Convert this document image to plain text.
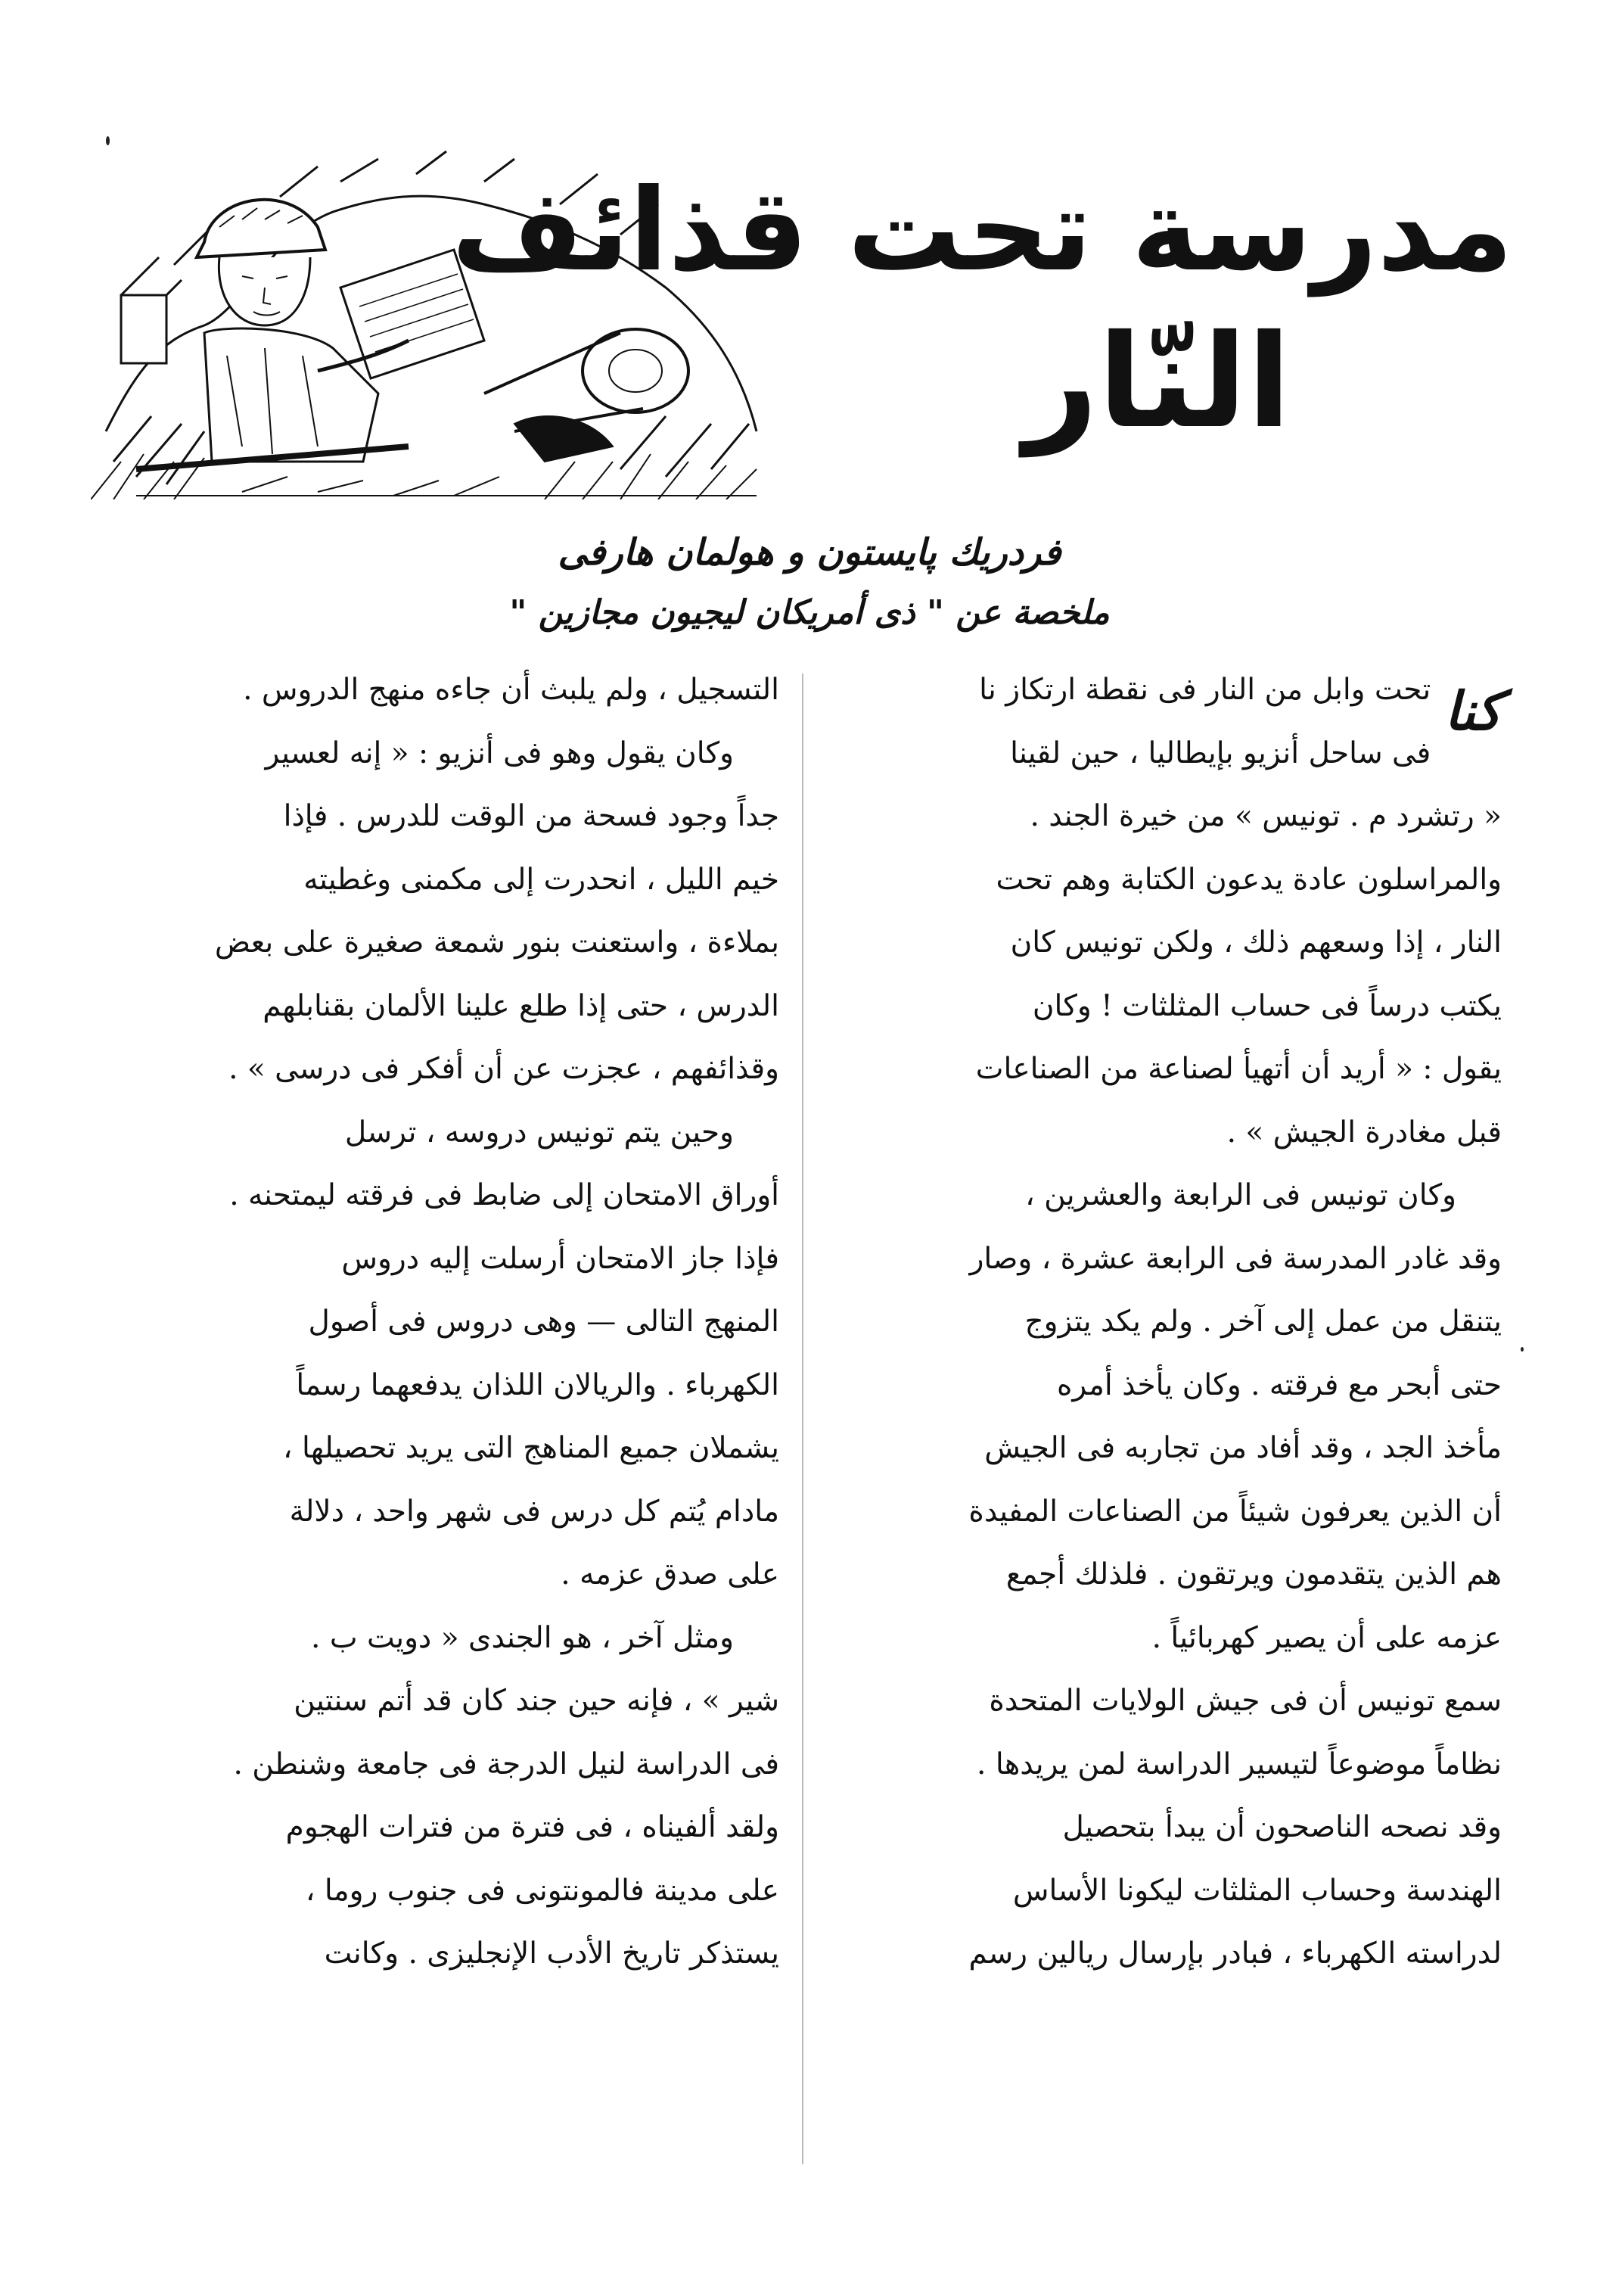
مدرسة تحت قذائف

النّار

فردريك پايستون و هولمان هارفى

ملخصة عن " ذى أمريكان ليجيون مجازين "

كنا

تحت وابل من النار فى نقطة ارتكاز نا

فى ساحل أنزيو بإيطاليا ، حين لقينا

« رتشرد م . تونيس » من خيرة الجند .

والمراسلون عادة يدعون الكتابة وهم تحت

النار ، إذا وسعهم ذلك ، ولكن تونيس كان

يكتب درساً فى حساب المثلثات ! وكان

يقول : « أريد أن أتهيأ لصناعة من الصناعات

قبل مغادرة الجيش » .

وكان تونيس فى الرابعة والعشرين ،

وقد غادر المدرسة فى الرابعة عشرة ، وصار

يتنقل من عمل إلى آخر . ولم يكد يتزوج

حتى أبحر مع فرقته . وكان يأخذ أمره

مأخذ الجد ، وقد أفاد من تجاربه فى الجيش

أن الذين يعرفون شيئاً من الصناعات المفيدة

هم الذين يتقدمون ويرتقون . فلذلك أجمع

عزمه على أن يصير كهربائياً .

سمع تونيس أن فى جيش الولايات المتحدة

نظاماً موضوعاً لتيسير الدراسة لمن يريدها .

وقد نصحه الناصحون أن يبدأ بتحصيل

الهندسة وحساب المثلثات ليكونا الأساس

لدراسته الكهرباء ، فبادر بإرسال ريالين رسم

التسجيل ، ولم يلبث أن جاءه منهج الدروس .

وكان يقول وهو فى أنزيو : « إنه لعسير

جداً وجود فسحة من الوقت للدرس . فإذا

خيم الليل ، انحدرت إلى مكمنى وغطيته

بملاءة ، واستعنت بنور شمعة صغيرة على بعض

الدرس ، حتى إذا طلع علينا الألمان بقنابلهم

وقذائفهم ، عجزت عن أن أفكر فى درسى » .

وحين يتم تونيس دروسه ، ترسل

أوراق الامتحان إلى ضابط فى فرقته ليمتحنه .

فإذا جاز الامتحان أرسلت إليه دروس

المنهج التالى — وهى دروس فى أصول

الكهرباء . والريالان اللذان يدفعهما رسماً

يشملان جميع المناهج التى يريد تحصيلها ،

مادام يُتم كل درس فى شهر واحد ، دلالة

على صدق عزمه .

ومثل آخر ، هو الجندى « دويت ب .

شير » ، فإنه حين جند كان قد أتم سنتين

فى الدراسة لنيل الدرجة فى جامعة وشنطن .

ولقد ألفيناه ، فى فترة من فترات الهجوم

على مدينة فالمونتونى فى جنوب روما ،

يستذكر تاريخ الأدب الإنجليزى . وكانت
